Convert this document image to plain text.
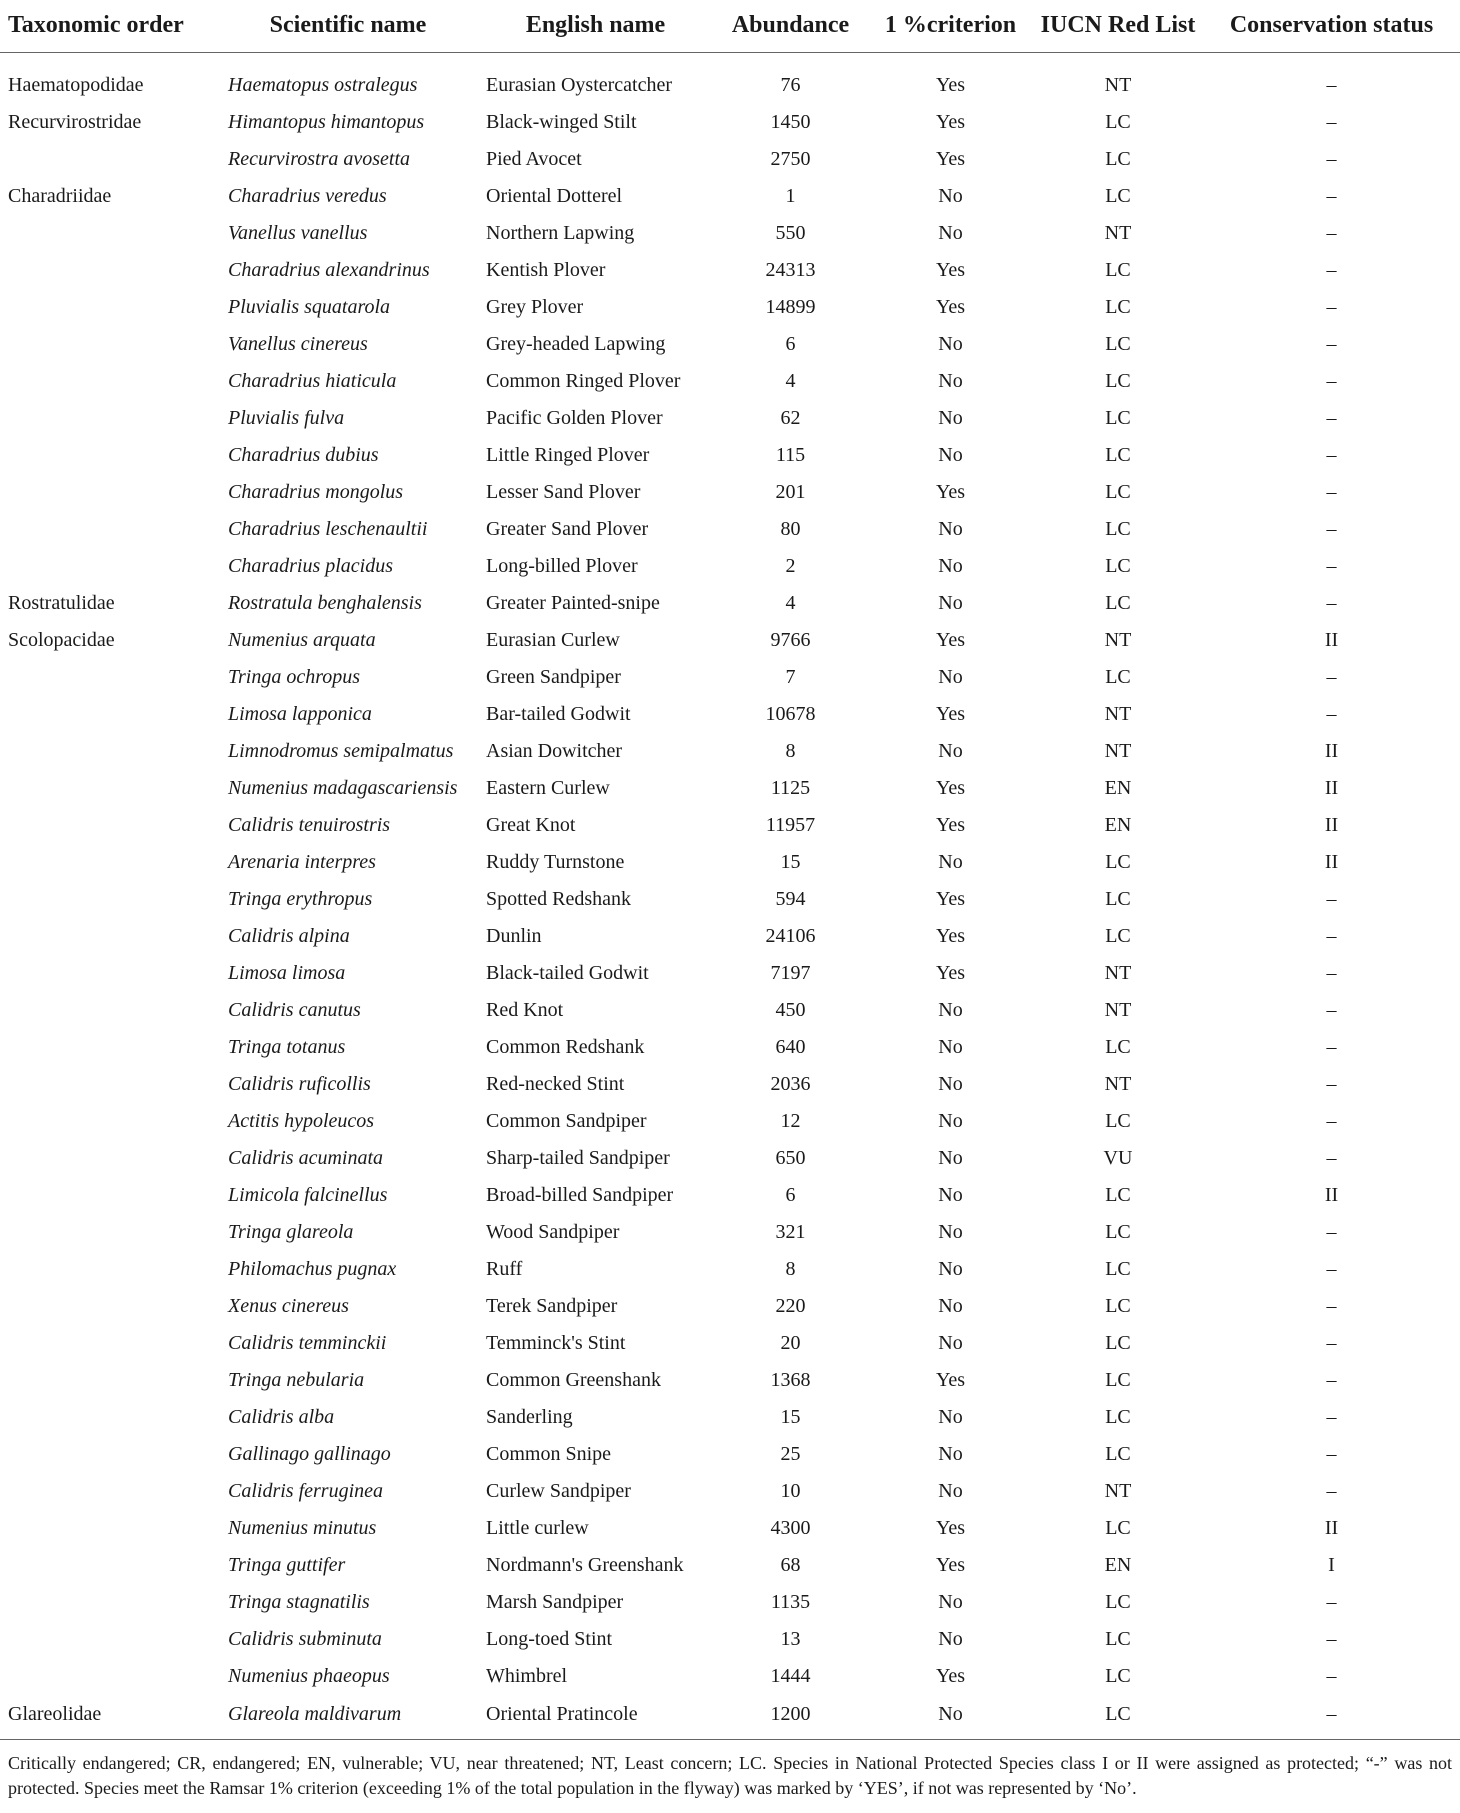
Taxonomic order	Scientific name	English name	Abundance	1 %criterion	IUCN Red List	Conservation status

Haematopodidae	Haematopus ostralegus	Eurasian Oystercatcher	76	Yes	NT	–
Recurvirostridae	Himantopus himantopus	Black-winged Stilt	1450	Yes	LC	–
	Recurvirostra avosetta	Pied Avocet	2750	Yes	LC	–
Charadriidae	Charadrius veredus	Oriental Dotterel	1	No	LC	–
	Vanellus vanellus	Northern Lapwing	550	No	NT	–
	Charadrius alexandrinus	Kentish Plover	24313	Yes	LC	–
	Pluvialis squatarola	Grey Plover	14899	Yes	LC	–
	Vanellus cinereus	Grey-headed Lapwing	6	No	LC	–
	Charadrius hiaticula	Common Ringed Plover	4	No	LC	–
	Pluvialis fulva	Pacific Golden Plover	62	No	LC	–
	Charadrius dubius	Little Ringed Plover	115	No	LC	–
	Charadrius mongolus	Lesser Sand Plover	201	Yes	LC	–
	Charadrius leschenaultii	Greater Sand Plover	80	No	LC	–
	Charadrius placidus	Long-billed Plover	2	No	LC	–
Rostratulidae	Rostratula benghalensis	Greater Painted-snipe	4	No	LC	–
Scolopacidae	Numenius arquata	Eurasian Curlew	9766	Yes	NT	II
	Tringa ochropus	Green Sandpiper	7	No	LC	–
	Limosa lapponica	Bar-tailed Godwit	10678	Yes	NT	–
	Limnodromus semipalmatus	Asian Dowitcher	8	No	NT	II
	Numenius madagascariensis	Eastern Curlew	1125	Yes	EN	II
	Calidris tenuirostris	Great Knot	11957	Yes	EN	II
	Arenaria interpres	Ruddy Turnstone	15	No	LC	II
	Tringa erythropus	Spotted Redshank	594	Yes	LC	–
	Calidris alpina	Dunlin	24106	Yes	LC	–
	Limosa limosa	Black-tailed Godwit	7197	Yes	NT	–
	Calidris canutus	Red Knot	450	No	NT	–
	Tringa totanus	Common Redshank	640	No	LC	–
	Calidris ruficollis	Red-necked Stint	2036	No	NT	–
	Actitis hypoleucos	Common Sandpiper	12	No	LC	–
	Calidris acuminata	Sharp-tailed Sandpiper	650	No	VU	–
	Limicola falcinellus	Broad-billed Sandpiper	6	No	LC	II
	Tringa glareola	Wood Sandpiper	321	No	LC	–
	Philomachus pugnax	Ruff	8	No	LC	–
	Xenus cinereus	Terek Sandpiper	220	No	LC	–
	Calidris temminckii	Temminck's Stint	20	No	LC	–
	Tringa nebularia	Common Greenshank	1368	Yes	LC	–
	Calidris alba	Sanderling	15	No	LC	–
	Gallinago gallinago	Common Snipe	25	No	LC	–
	Calidris ferruginea	Curlew Sandpiper	10	No	NT	–
	Numenius minutus	Little curlew	4300	Yes	LC	II
	Tringa guttifer	Nordmann's Greenshank	68	Yes	EN	I
	Tringa stagnatilis	Marsh Sandpiper	1135	No	LC	–
	Calidris subminuta	Long-toed Stint	13	No	LC	–
	Numenius phaeopus	Whimbrel	1444	Yes	LC	–
Glareolidae	Glareola maldivarum	Oriental Pratincole	1200	No	LC	–
Critically endangered; CR, endangered; EN, vulnerable; VU, near threatened; NT, Least concern; LC. Species in National Protected Species class I or II were assigned as protected; “-” was not protected. Species meet the Ramsar 1% criterion (exceeding 1% of the total population in the flyway) was marked by ‘YES’, if not was represented by ‘No’.
